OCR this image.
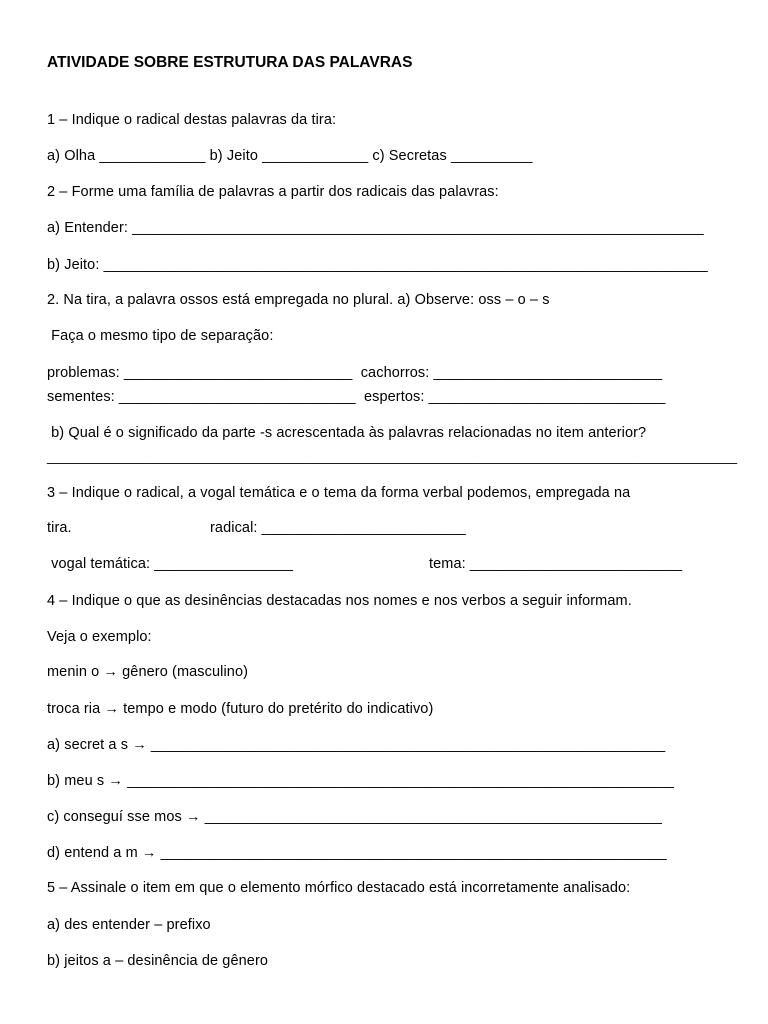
ATIVIDADE SOBRE ESTRUTURA DAS PALAVRAS
1 – Indique o radical destas palavras da tira:
a) Olha _____________ b) Jeito _____________ c) Secretas __________
2 – Forme uma família de palavras a partir dos radicais das palavras:
a) Entender: ______________________________________________________________________
b) Jeito: __________________________________________________________________________
2. Na tira, a palavra ossos está empregada no plural. a) Observe: oss – o – s
Faça o mesmo tipo de separação:
problemas: ____________________________  cachorros: ____________________________
sementes: _____________________________  espertos: _____________________________
b) Qual é o significado da parte -s acrescentada às palavras relacionadas no item anterior?
______________________________________________________________________________________
3 – Indique o radical, a vogal temática e o tema da forma verbal podemos, empregada na
tira.	radical: _________________________
vogal temática: _________________	tema: __________________________
4 – Indique o que as desinências destacadas nos nomes e nos verbos a seguir informam.
Veja o exemplo:
menin o → gênero (masculino)
troca ria → tempo e modo (futuro do pretérito do indicativo)
a) secret a s → _______________________________________________________________
b) meu s → ___________________________________________________________________
c) conseguí sse mos → ________________________________________________________
d) entend a m → ______________________________________________________________
5 – Assinale o item em que o elemento mórfico destacado está incorretamente analisado:
a) des entender – prefixo
b) jeitos a – desinência de gênero
